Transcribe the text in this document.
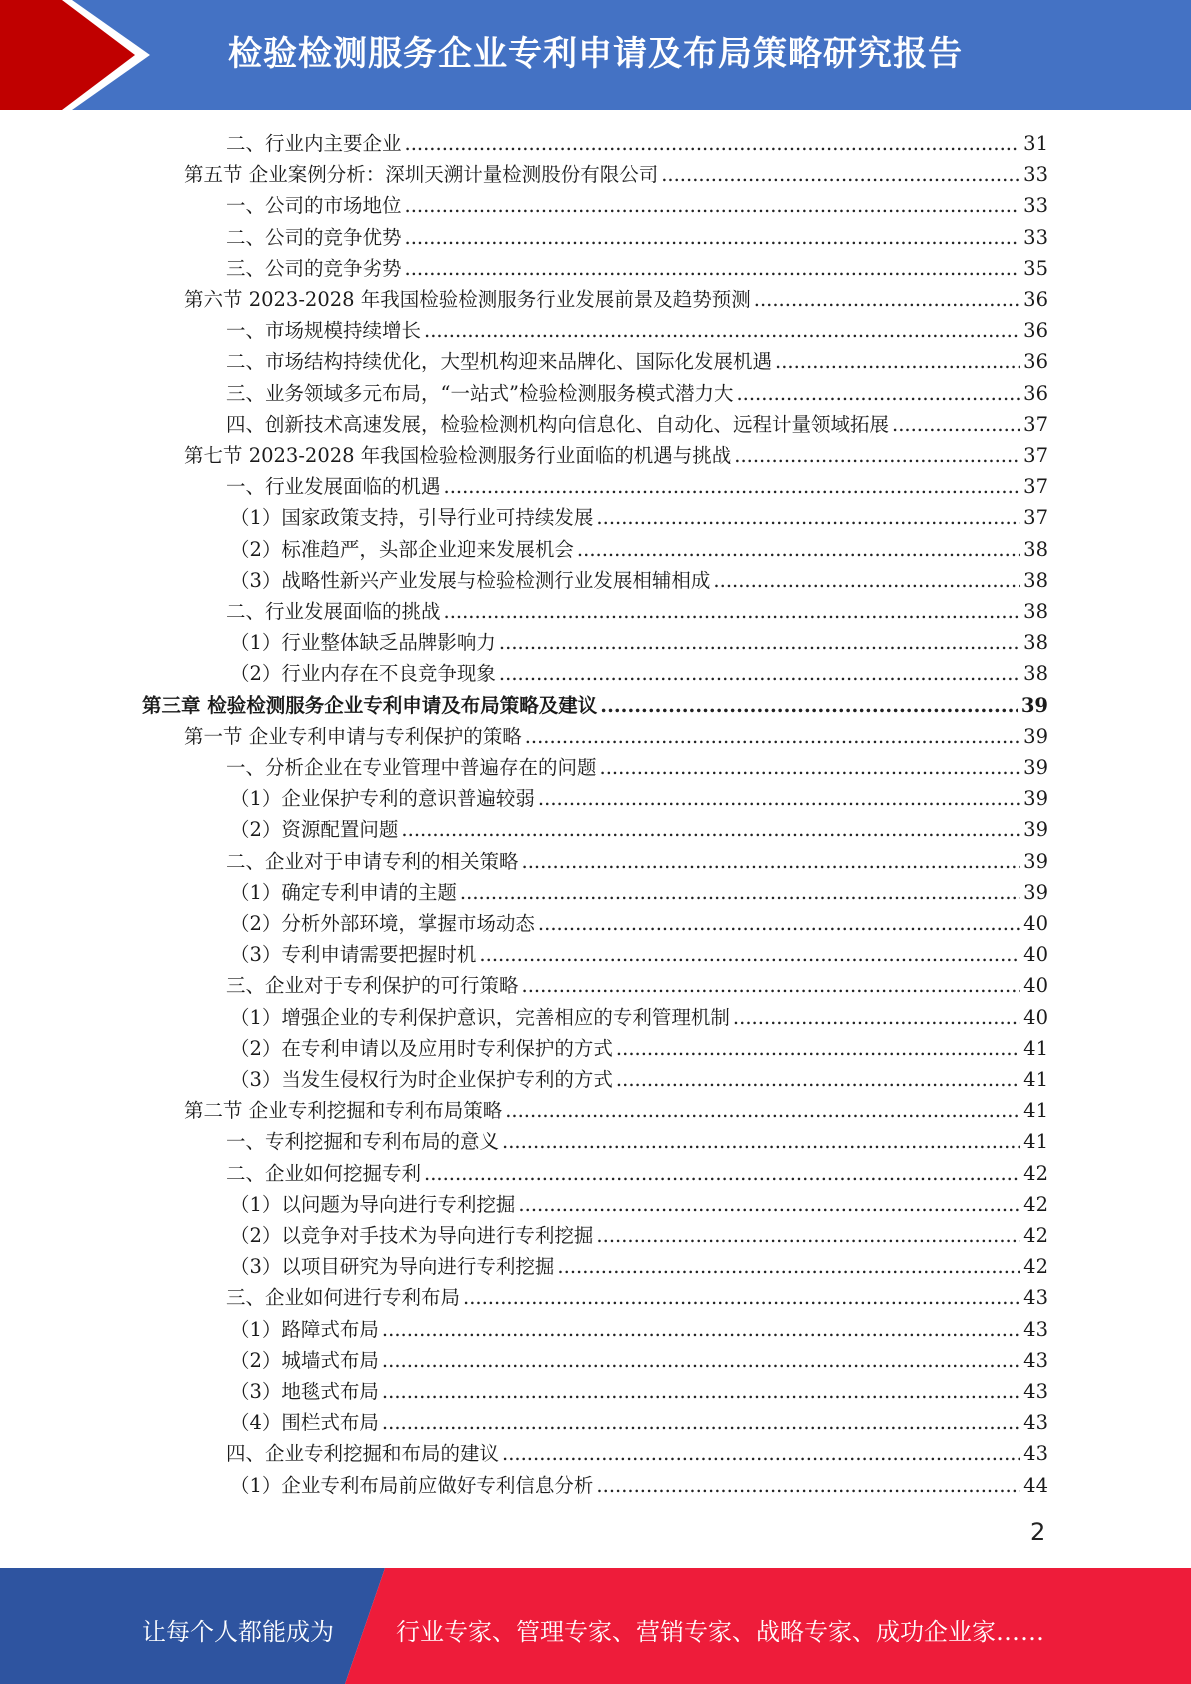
检验检测服务企业专利申请及布局策略研究报告
二、行业内主要企业 .....	31
第五节 企业案例分析：深圳天溯计量检测股份有限公司 .....	33
一、公司的市场地位 .....	33
二、公司的竞争优势 .....	33
三、公司的竞争劣势 .....	35
第六节 2023-2028 年我国检验检测服务行业发展前景及趋势预测 .....	36
一、市场规模持续增长 .....	36
二、市场结构持续优化，大型机构迎来品牌化、国际化发展机遇 .....	36
三、业务领域多元布局，“一站式”检验检测服务模式潜力大 .....	36
四、创新技术高速发展，检验检测机构向信息化、自动化、远程计量领域拓展 .....	37
第七节 2023-2028 年我国检验检测服务行业面临的机遇与挑战 .....	37
一、行业发展面临的机遇 .....	37
（1）国家政策支持，引导行业可持续发展 .....	37
（2）标准趋严，头部企业迎来发展机会 .....	38
（3）战略性新兴产业发展与检验检测行业发展相辅相成 .....	38
二、行业发展面临的挑战 .....	38
（1）行业整体缺乏品牌影响力 .....	38
（2）行业内存在不良竞争现象 .....	38
第三章 检验检测服务企业专利申请及布局策略及建议 .....	39
第一节 企业专利申请与专利保护的策略 .....	39
一、分析企业在专业管理中普遍存在的问题 .....	39
（1）企业保护专利的意识普遍较弱 .....	39
（2）资源配置问题 .....	39
二、企业对于申请专利的相关策略 .....	39
（1）确定专利申请的主题 .....	39
（2）分析外部环境，掌握市场动态 .....	40
（3）专利申请需要把握时机 .....	40
三、企业对于专利保护的可行策略 .....	40
（1）增强企业的专利保护意识，完善相应的专利管理机制 .....	40
（2）在专利申请以及应用时专利保护的方式 .....	41
（3）当发生侵权行为时企业保护专利的方式 .....	41
第二节 企业专利挖掘和专利布局策略 .....	41
一、专利挖掘和专利布局的意义 .....	41
二、企业如何挖掘专利 .....	42
（1）以问题为导向进行专利挖掘 .....	42
（2）以竞争对手技术为导向进行专利挖掘 .....	42
（3）以项目研究为导向进行专利挖掘 .....	42
三、企业如何进行专利布局 .....	43
（1）路障式布局 .....	43
（2）城墙式布局 .....	43
（3）地毯式布局 .....	43
（4）围栏式布局 .....	43
四、企业专利挖掘和布局的建议 .....	43
（1）企业专利布局前应做好专利信息分析 .....	44
2
让每个人都能成为	行业专家、管理专家、营销专家、战略专家、成功企业家……
